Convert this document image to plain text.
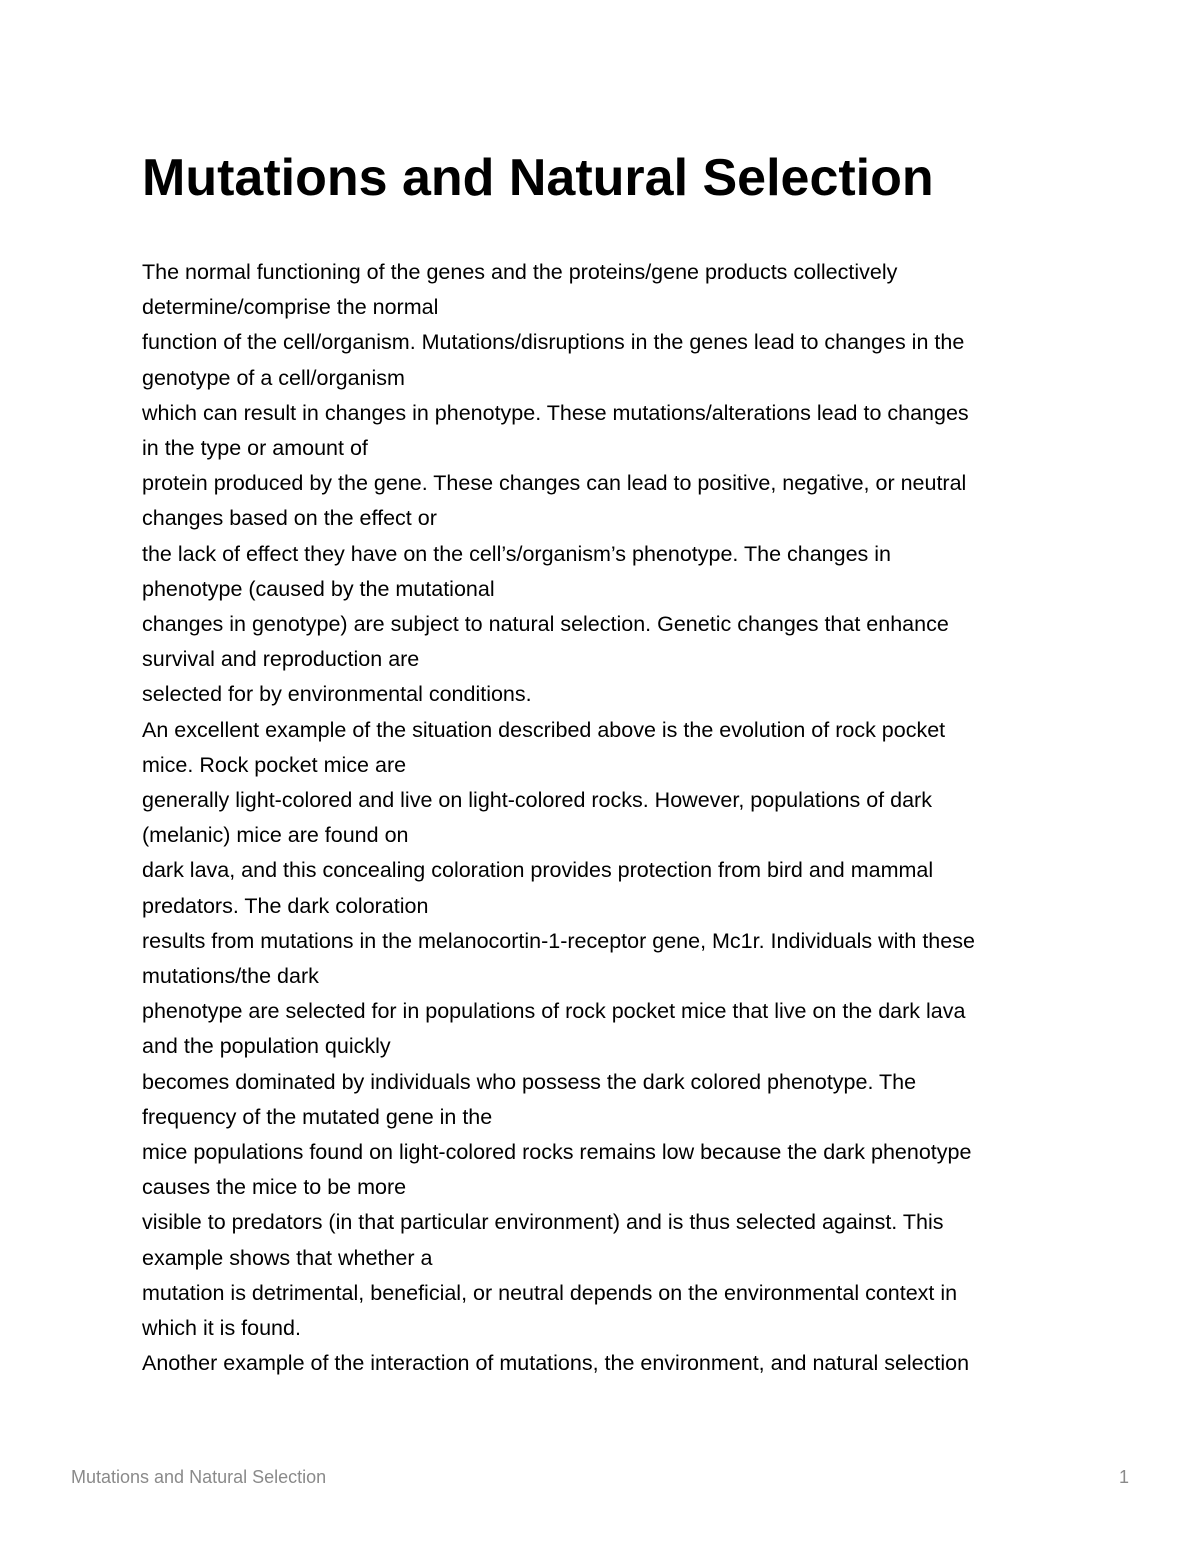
Mutations and Natural Selection

The normal functioning of the genes and the proteins/gene products collectively

determine/comprise the normal

function of the cell/organism. Mutations/disruptions in the genes lead to changes in the

genotype of a cell/organism

which can result in changes in phenotype. These mutations/alterations lead to changes

in the type or amount of

protein produced by the gene. These changes can lead to positive, negative, or neutral

changes based on the effect or

the lack of effect they have on the cell’s/organism’s phenotype. The changes in

phenotype (caused by the mutational

changes in genotype) are subject to natural selection. Genetic changes that enhance

survival and reproduction are

selected for by environmental conditions.

An excellent example of the situation described above is the evolution of rock pocket

mice. Rock pocket mice are

generally light-colored and live on light-colored rocks. However, populations of dark

(melanic) mice are found on

dark lava, and this concealing coloration provides protection from bird and mammal

predators. The dark coloration

results from mutations in the melanocortin-1-receptor gene, Mc1r. Individuals with these

mutations/the dark

phenotype are selected for in populations of rock pocket mice that live on the dark lava

and the population quickly

becomes dominated by individuals who possess the dark colored phenotype. The

frequency of the mutated gene in the

mice populations found on light-colored rocks remains low because the dark phenotype

causes the mice to be more

visible to predators (in that particular environment) and is thus selected against. This

example shows that whether a

mutation is detrimental, beneficial, or neutral depends on the environmental context in

which it is found.

Another example of the interaction of mutations, the environment, and natural selection

Mutations and Natural Selection	1
